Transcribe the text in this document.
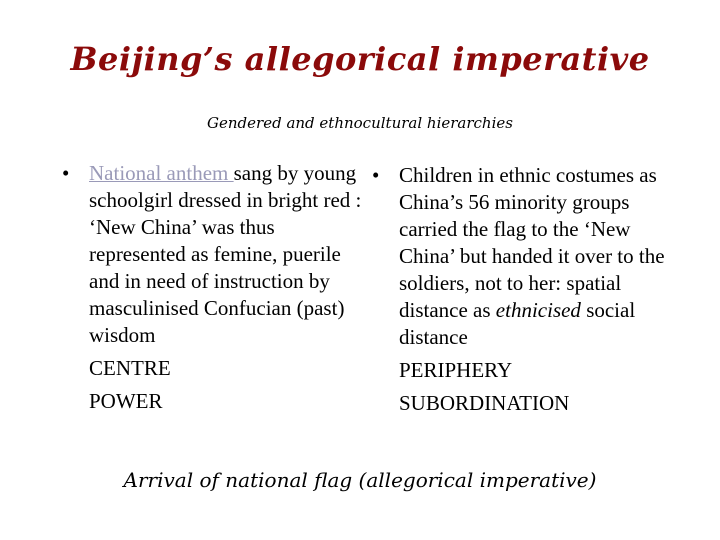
Beijing’s allegorical imperative
Gendered and ethnocultural hierarchies
• National anthem sang by young schoolgirl dressed in bright red : ‘New China’ was thus represented as femine, puerile and in need of instruction by masculinised Confucian (past) wisdom
CENTRE
POWER
• Children in ethnic costumes as China’s 56 minority groups carried the flag to the ‘New China’ but handed it over to the soldiers, not to her: spatial distance as ethnicised social distance
PERIPHERY
SUBORDINATION
Arrival of national flag (allegorical imperative)
